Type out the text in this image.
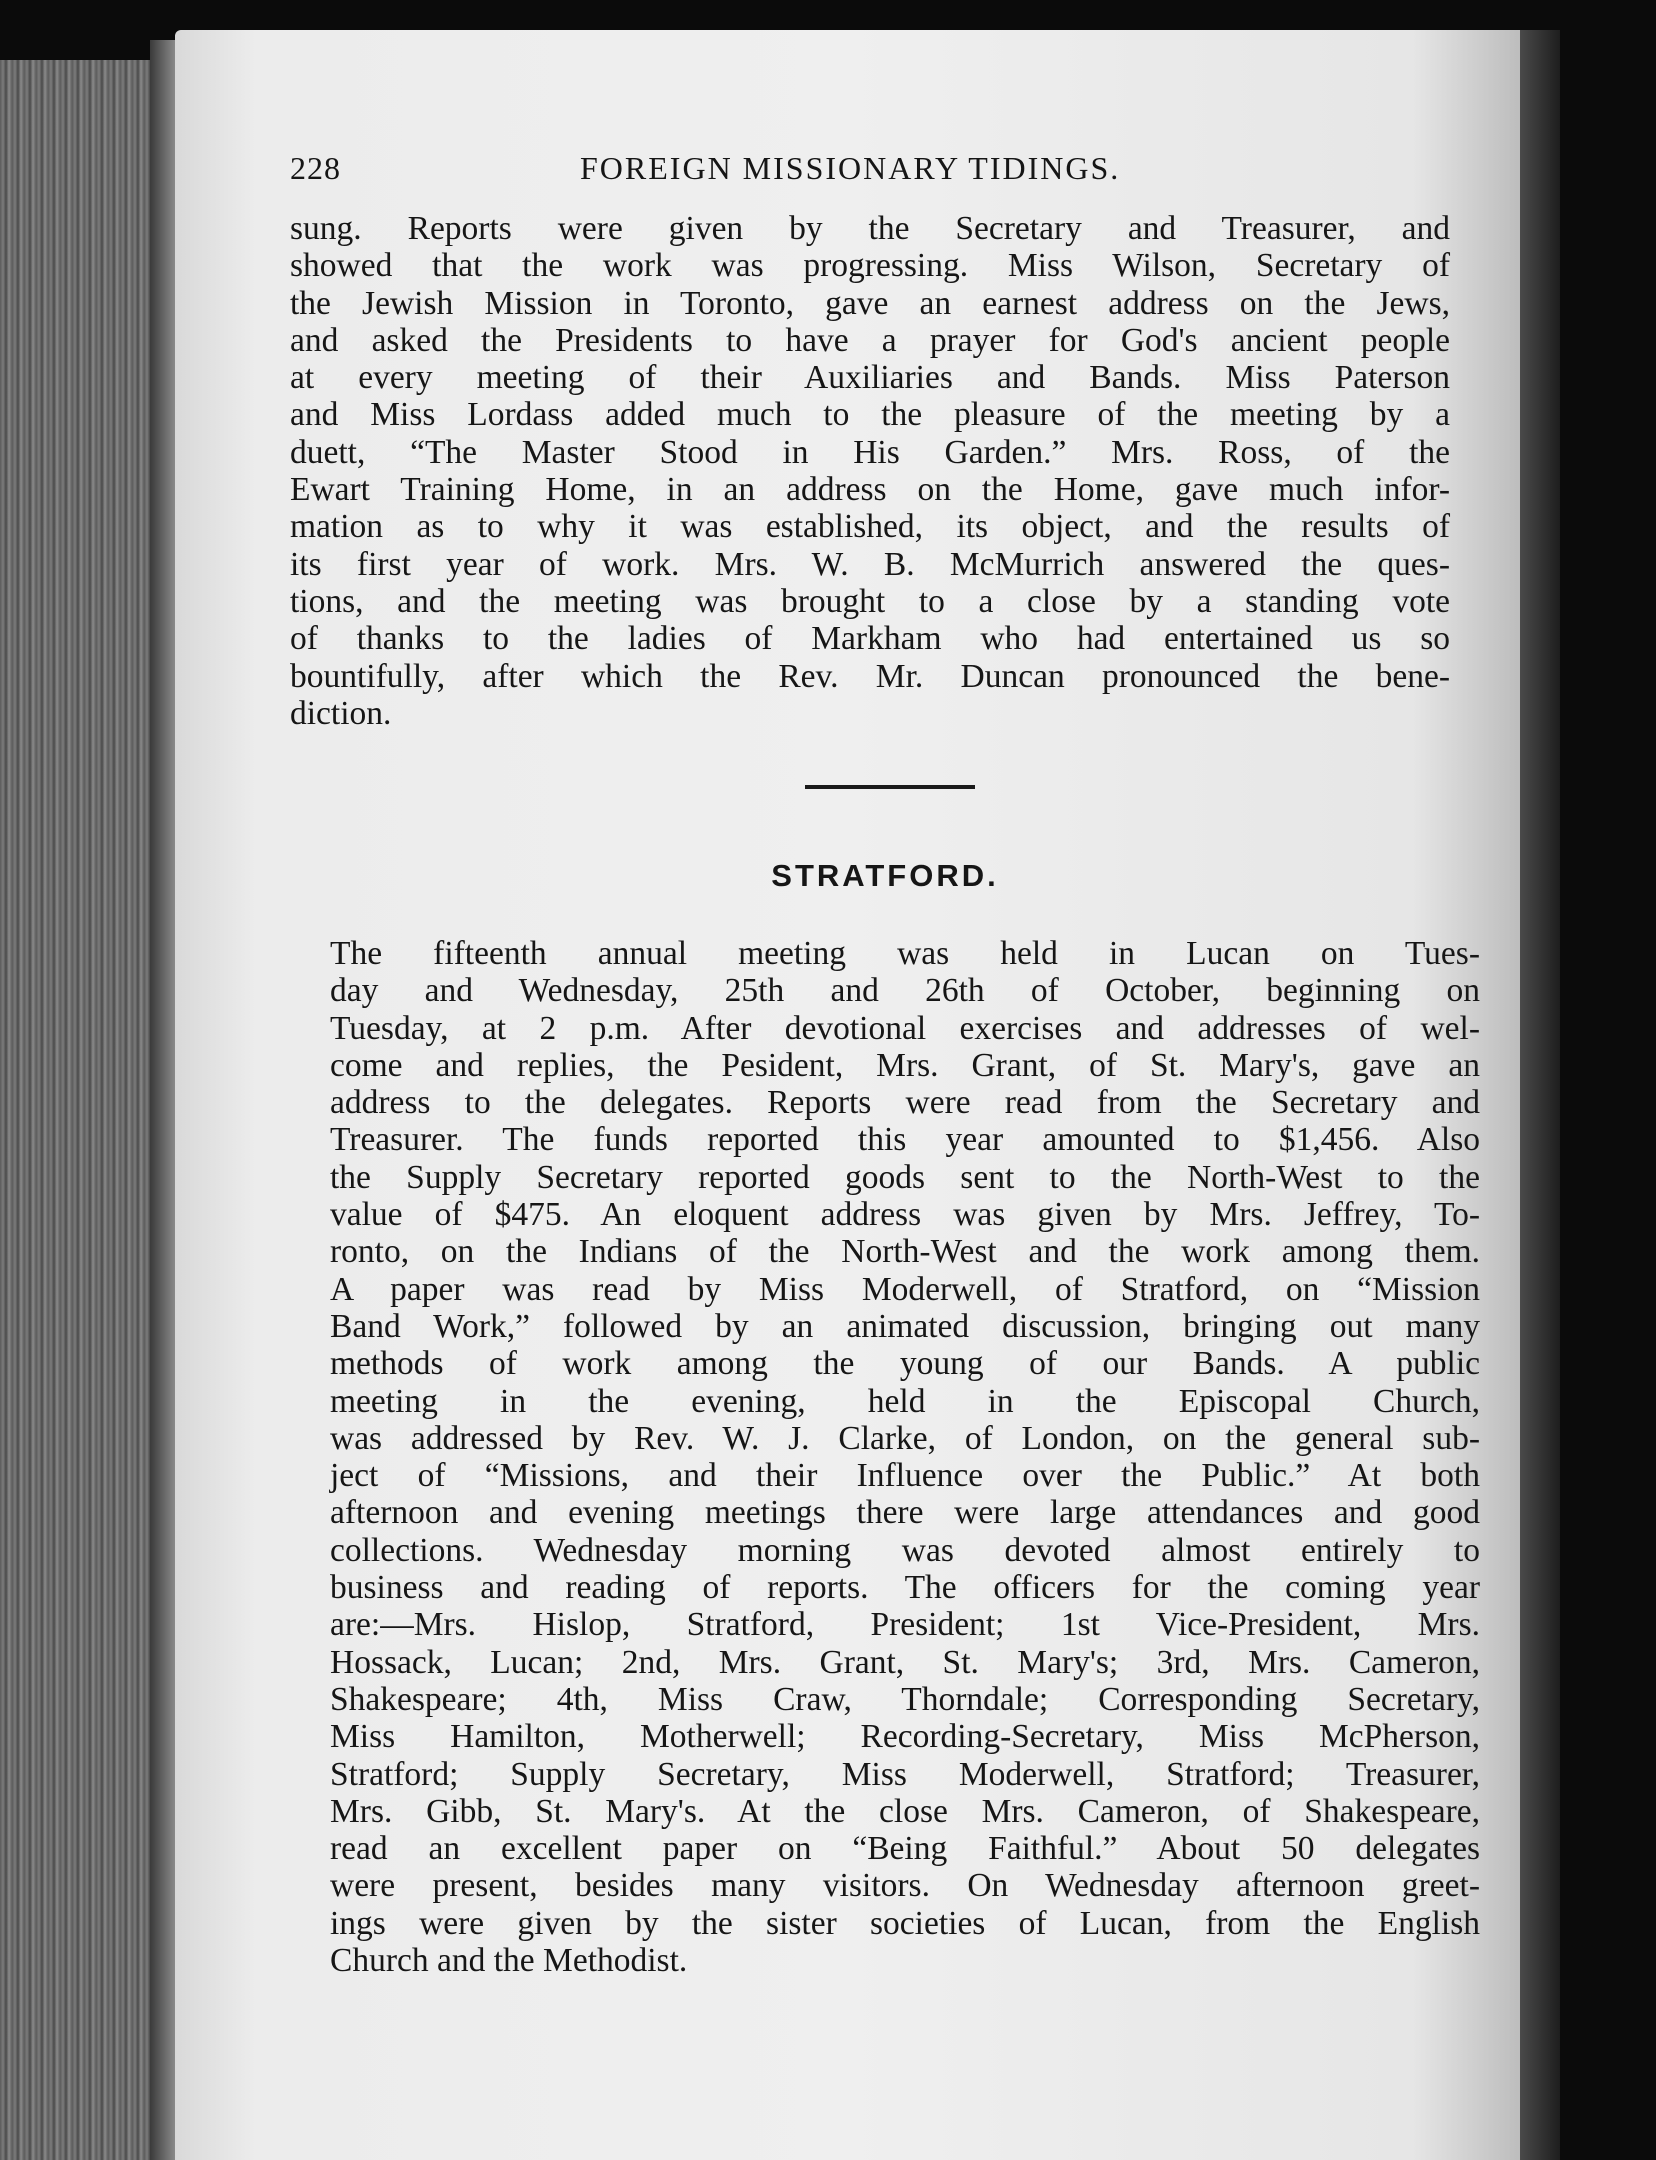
228	FOREIGN MISSIONARY TIDINGS.
sung. Reports were given by the Secretary and Treasurer, and
showed that the work was progressing. Miss Wilson, Secretary of
the Jewish Mission in Toronto, gave an earnest address on the Jews,
and asked the Presidents to have a prayer for God's ancient people
at every meeting of their Auxiliaries and Bands. Miss Paterson
and Miss Lordass added much to the pleasure of the meeting by a
duett, “The Master Stood in His Garden.” Mrs. Ross, of the
Ewart Training Home, in an address on the Home, gave much infor-
mation as to why it was established, its object, and the results of
its first year of work. Mrs. W. B. McMurrich answered the ques-
tions, and the meeting was brought to a close by a standing vote
of thanks to the ladies of Markham who had entertained us so
bountifully, after which the Rev. Mr. Duncan pronounced the bene-
diction.
STRATFORD.
The fifteenth annual meeting was held in Lucan on Tues-
day and Wednesday, 25th and 26th of October, beginning on
Tuesday, at 2 p.m. After devotional exercises and addresses of wel-
come and replies, the Pesident, Mrs. Grant, of St. Mary's, gave an
address to the delegates. Reports were read from the Secretary and
Treasurer. The funds reported this year amounted to $1,456. Also
the Supply Secretary reported goods sent to the North-West to the
value of $475. An eloquent address was given by Mrs. Jeffrey, To-
ronto, on the Indians of the North-West and the work among them.
A paper was read by Miss Moderwell, of Stratford, on “Mission
Band Work,” followed by an animated discussion, bringing out many
methods of work among the young of our Bands. A public
meeting in the evening, held in the Episcopal Church,
was addressed by Rev. W. J. Clarke, of London, on the general sub-
ject of “Missions, and their Influence over the Public.” At both
afternoon and evening meetings there were large attendances and good
collections. Wednesday morning was devoted almost entirely to
business and reading of reports. The officers for the coming year
are:—Mrs. Hislop, Stratford, President; 1st Vice-President, Mrs.
Hossack, Lucan; 2nd, Mrs. Grant, St. Mary's; 3rd, Mrs. Cameron,
Shakespeare; 4th, Miss Craw, Thorndale; Corresponding Secretary,
Miss Hamilton, Motherwell; Recording-Secretary, Miss McPherson,
Stratford; Supply Secretary, Miss Moderwell, Stratford; Treasurer,
Mrs. Gibb, St. Mary's. At the close Mrs. Cameron, of Shakespeare,
read an excellent paper on “Being Faithful.” About 50 delegates
were present, besides many visitors. On Wednesday afternoon greet-
ings were given by the sister societies of Lucan, from the English
Church and the Methodist.
